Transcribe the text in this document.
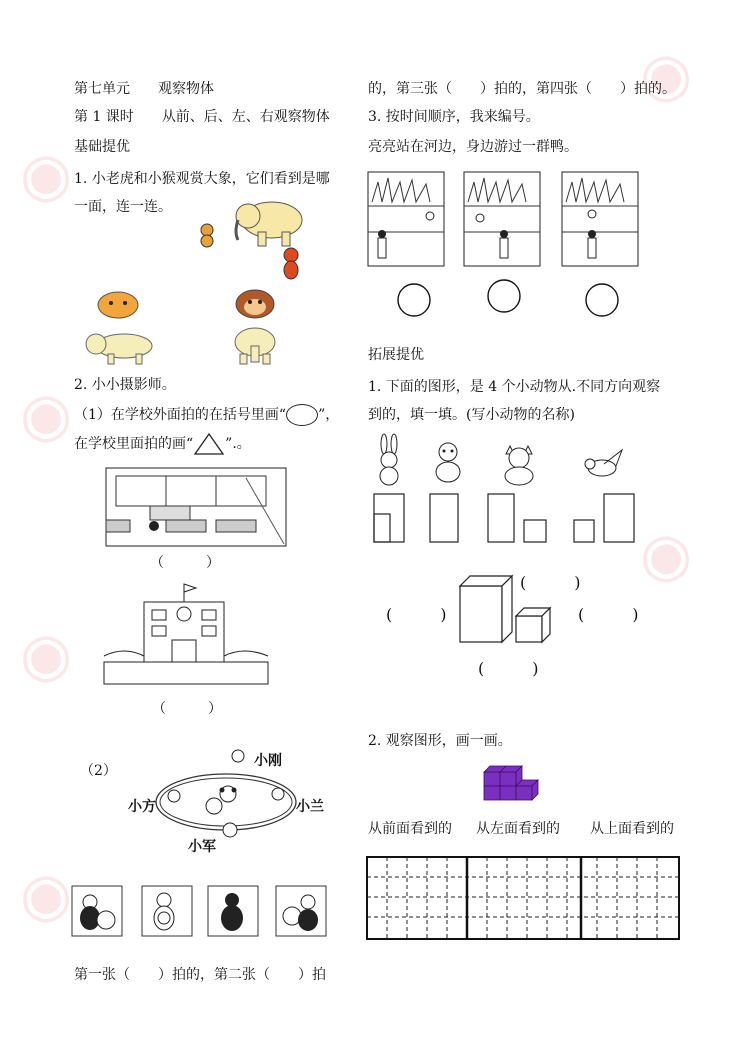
◉
◉
◉
◉
◉
◉
第七单元　　 观察物体
第 1 课时　　 从前、后、左、右观察物体
基础提优
1. 小老虎和小猴观赏大象，它们看到是哪
一面，连一连。
2. 小小摄影师。
（1）在学校外面拍的在括号里画“ ”，
在学校里面拍的画“ ”.。
（　　　）
（　　　）
（2）
小刚
小方	小兰
小军
第一张（　　）拍的，第二张（　　）拍
的，第三张（　　）拍的，第四张（　　）拍的。
3. 按时间顺序，我来编号。
亮亮站在河边，身边游过一群鸭。
拓展提优
1. 下面的图形，是 4 个小动物从.不同方向观察
到的，填一填。(写小动物的名称)
(　　　)
(　　　)	(　　　)
(　　　)
2. 观察图形，画一画。
从前面看到的 从左面看到的 从上面看到的
